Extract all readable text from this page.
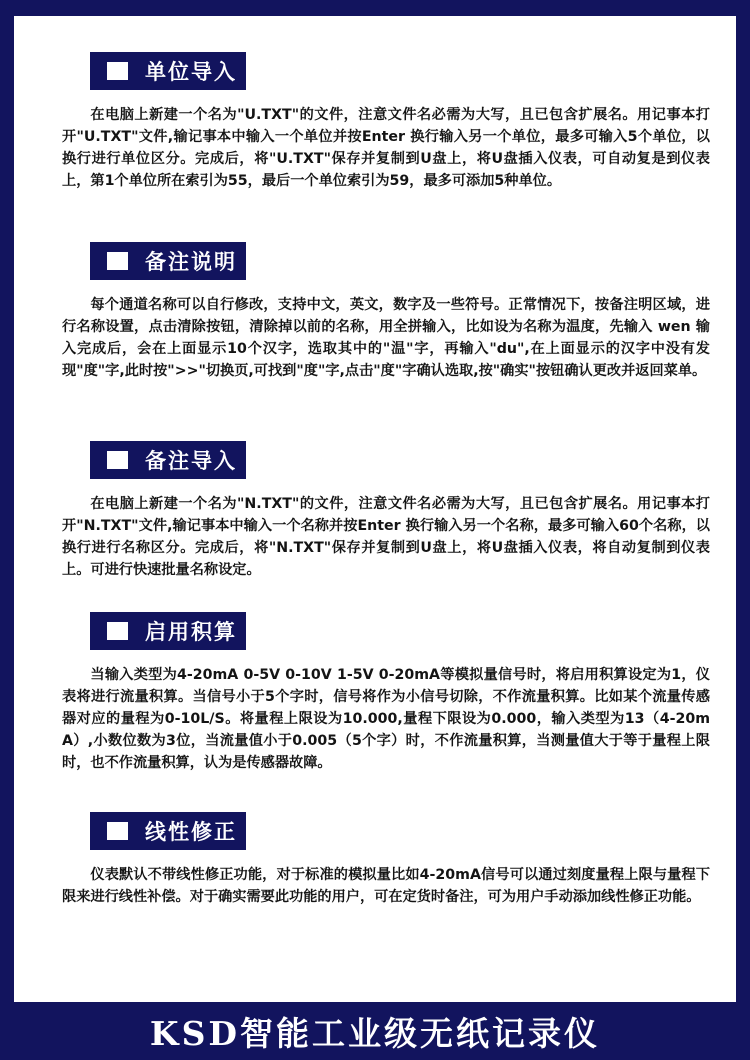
单位导入

在电脑上新建一个名为"U.TXT"的文件，注意文件名必需为大写，且已包含扩展名。用记事本打开"U.TXT"文件,输记事本中输入一个单位并按Enter 换行输入另一个单位，最多可输入5个单位，以换行进行单位区分。完成后，将"U.TXT"保存并复制到U盘上，将U盘插入仪表，可自动复是到仪表上，第1个单位所在索引为55，最后一个单位索引为59，最多可添加5种单位。

备注说明

每个通道名称可以自行修改，支持中文，英文，数字及一些符号。正常情况下，按备注明区域，进行名称设置，点击清除按钮，清除掉以前的名称，用全拼输入，比如设为名称为温度，先输入 wen 输入完成后，会在上面显示10个汉字，选取其中的"温"字，再输入"du",在上面显示的汉字中没有发现"度"字,此时按">>"切换页,可找到"度"字,点击"度"字确认选取,按"确实"按钮确认更改并返回菜单。

备注导入

在电脑上新建一个名为"N.TXT"的文件，注意文件名必需为大写，且已包含扩展名。用记事本打开"N.TXT"文件,输记事本中输入一个名称并按Enter 换行输入另一个名称，最多可输入60个名称，以换行进行名称区分。完成后，将"N.TXT"保存并复制到U盘上，将U盘插入仪表，将自动复制到仪表上。可进行快速批量名称设定。

启用积算

当输入类型为4-20mA 0-5V 0-10V 1-5V 0-20mA等模拟量信号时，将启用积算设定为1，仪表将进行流量积算。当信号小于5个字时，信号将作为小信号切除，不作流量积算。比如某个流量传感器对应的量程为0-10L/S。将量程上限设为10.000,量程下限设为0.000，输入类型为13（4-20mA）,小数位数为3位，当流量值小于0.005（5个字）时，不作流量积算，当测量值大于等于量程上限时，也不作流量积算，认为是传感器故障。

线性修正

仪表默认不带线性修正功能，对于标准的模拟量比如4-20mA信号可以通过刻度量程上限与量程下限来进行线性补偿。对于确实需要此功能的用户，可在定货时备注，可为用户手动添加线性修正功能。

KSD智能工业级无纸记录仪
